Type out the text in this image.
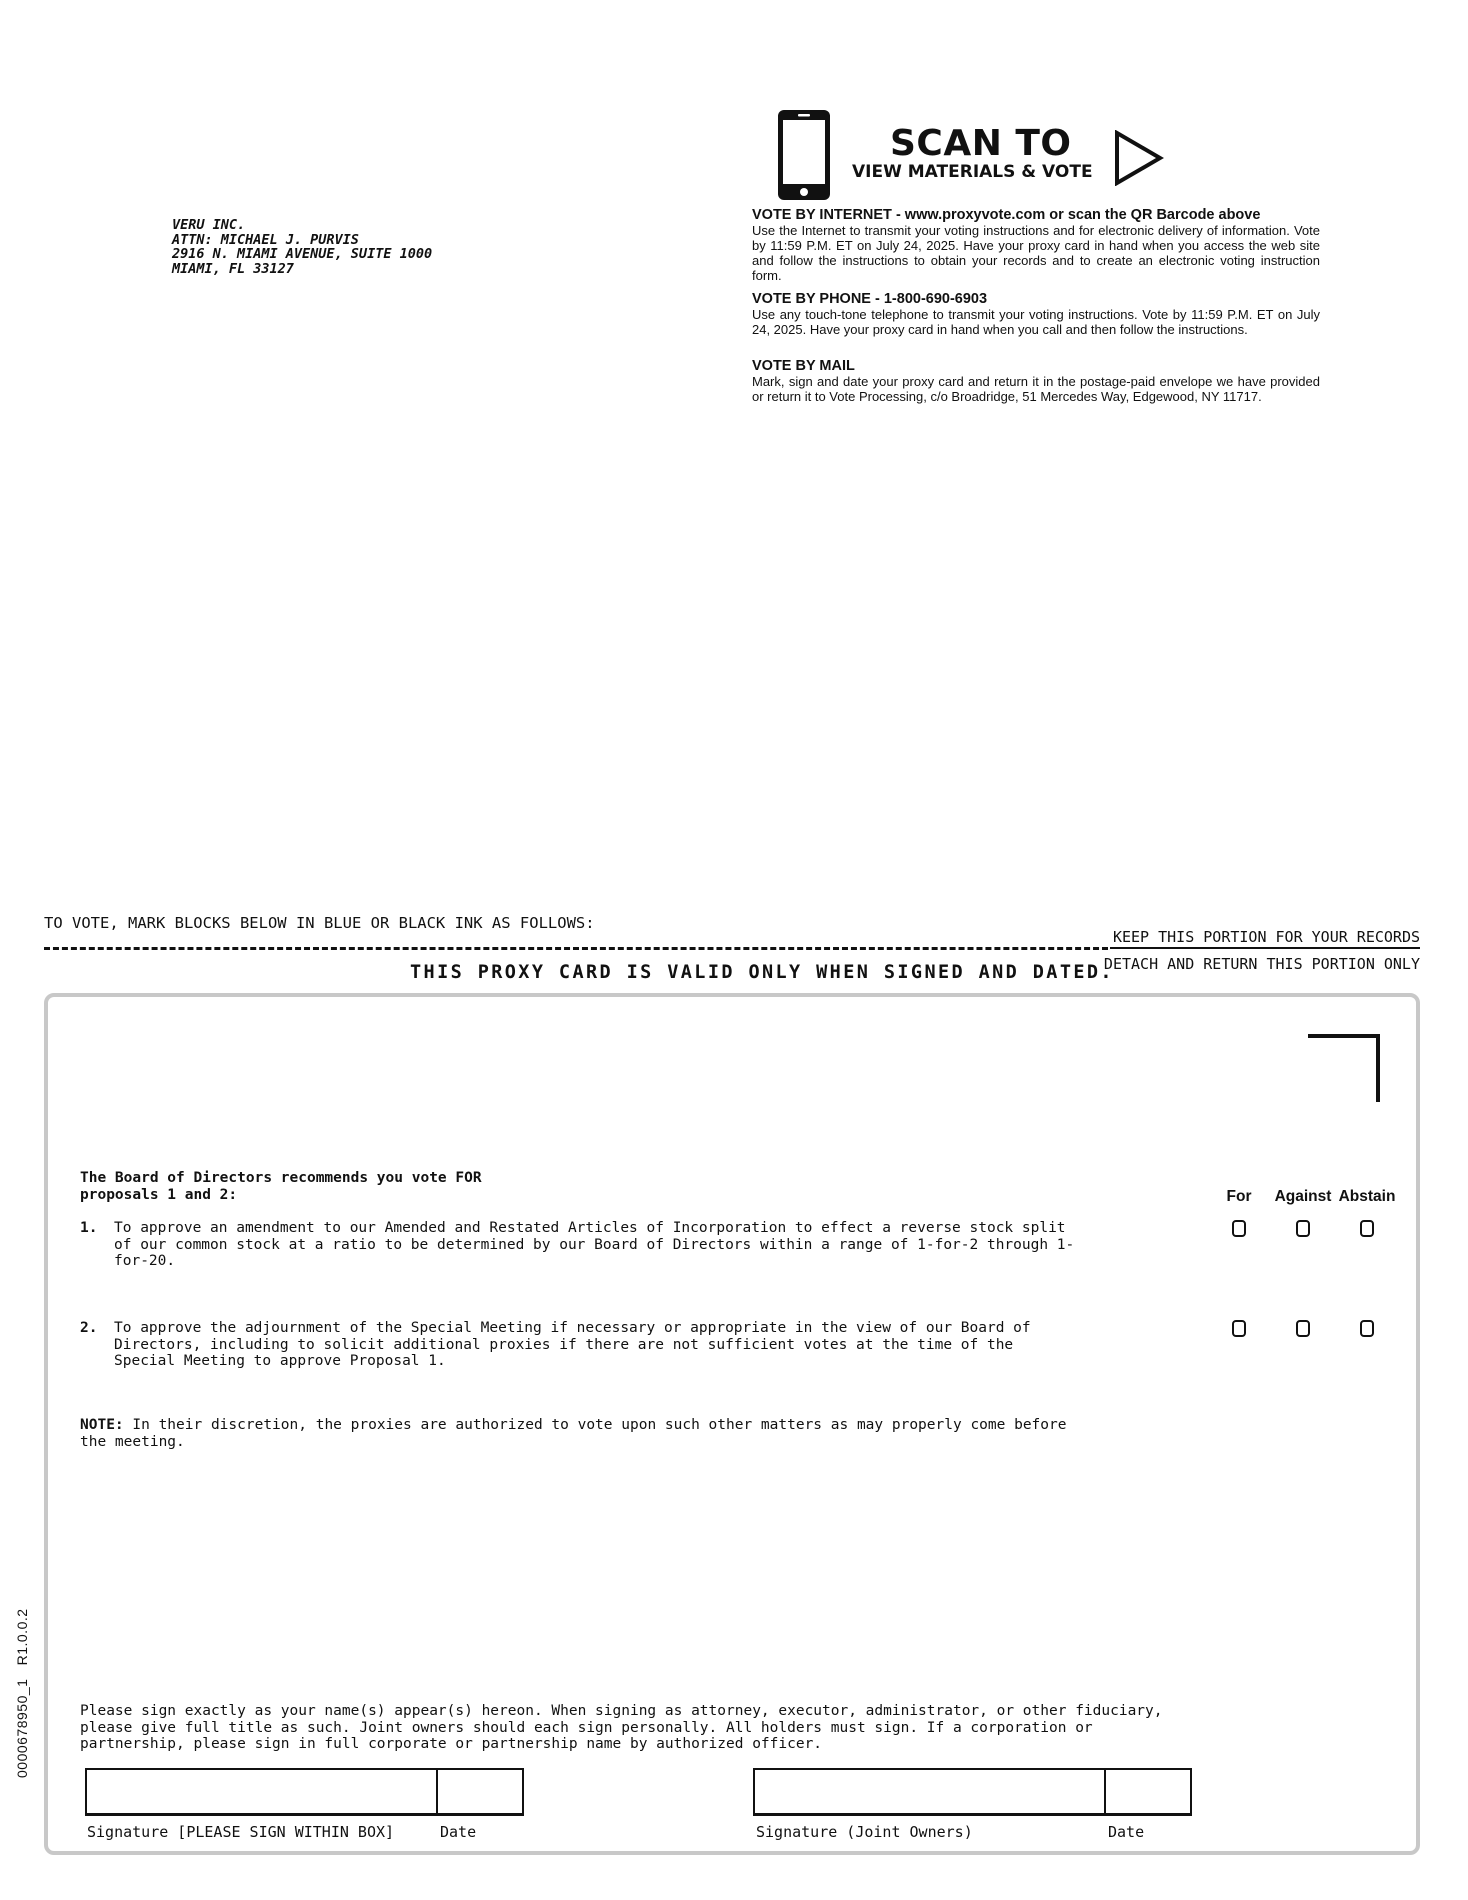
VERU INC.
ATTN: MICHAEL J. PURVIS
2916 N. MIAMI AVENUE, SUITE 1000
MIAMI, FL 33127
SCAN TO
VIEW MATERIALS & VOTE
VOTE BY INTERNET - www.proxyvote.com or scan the QR Barcode above

Use the Internet to transmit your voting instructions and for electronic delivery of information. Vote by 11:59 P.M. ET on July 24, 2025. Have your proxy card in hand when you access the web site and follow the instructions to obtain your records and to create an electronic voting instruction form.

VOTE BY PHONE - 1-800-690-6903

Use any touch-tone telephone to transmit your voting instructions. Vote by 11:59 P.M. ET on July 24, 2025. Have your proxy card in hand when you call and then follow the instructions.

VOTE BY MAIL

Mark, sign and date your proxy card and return it in the postage-paid envelope we have provided or return it to Vote Processing, c/o Broadridge, 51 Mercedes Way, Edgewood, NY 11717.

TO VOTE, MARK BLOCKS BELOW IN BLUE OR BLACK INK AS FOLLOWS:
KEEP THIS PORTION FOR YOUR RECORDS
DETACH AND RETURN THIS PORTION ONLY
THIS PROXY CARD IS VALID ONLY WHEN SIGNED AND DATED.
The Board of Directors recommends you vote FOR
proposals 1 and 2:	For	Against Abstain
1. To approve an amendment to our Amended and Restated Articles of Incorporation to effect a reverse stock split of our common stock at a ratio to be determined by our Board of Directors within a range of 1-for-2 through 1-for-20.
2. To approve the adjournment of the Special Meeting if necessary or appropriate in the view of our Board of Directors, including to solicit additional proxies if there are not sufficient votes at the time of the Special Meeting to approve Proposal 1.
NOTE: In their discretion, the proxies are authorized to vote upon such other matters as may properly come before the meeting.
Please sign exactly as your name(s) appear(s) hereon. When signing as attorney, executor, administrator, or other fiduciary, please give full title as such. Joint owners should each sign personally. All holders must sign. If a corporation or partnership, please sign in full corporate or partnership name by authorized officer.
Signature [PLEASE SIGN WITHIN BOX]	Date	Signature (Joint Owners)	Date
0000678950_1   R1.0.0.2
